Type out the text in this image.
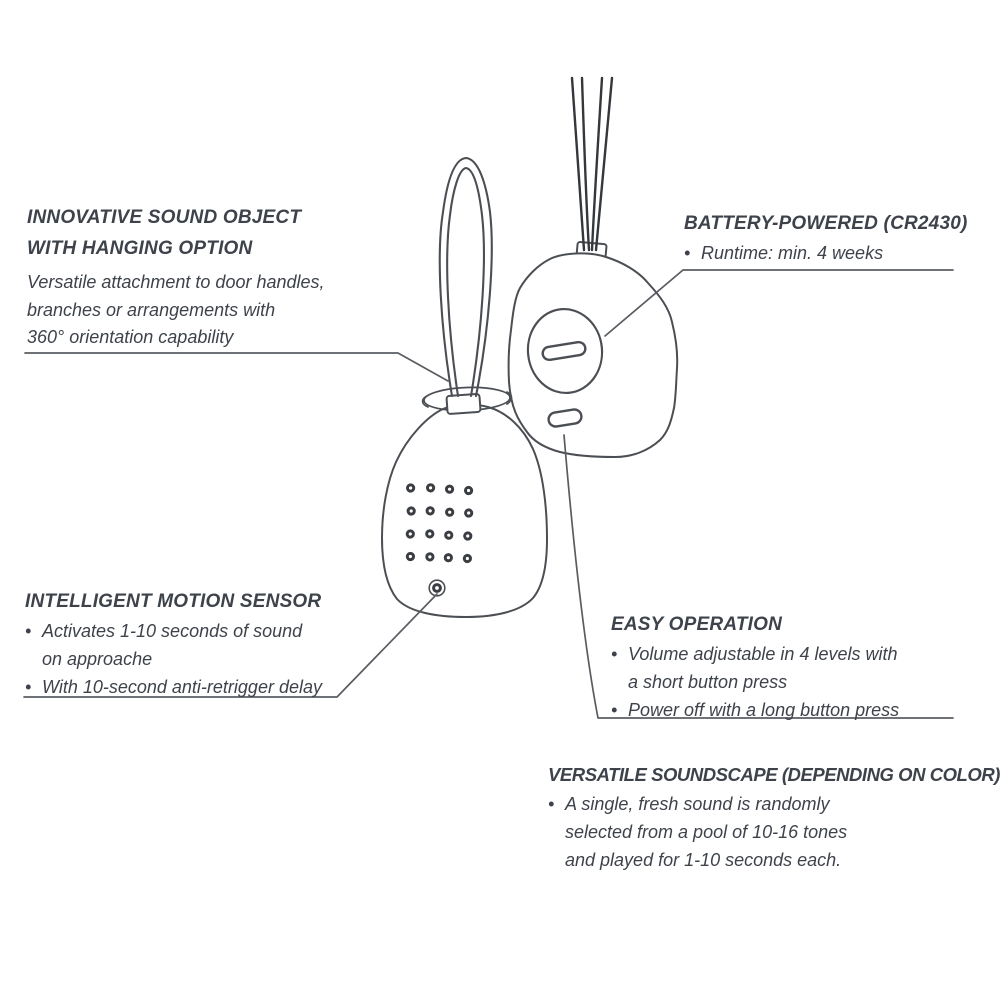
INNOVATIVE SOUND OBJECT
WITH HANGING OPTION
Versatile attachment to door handles,
branches or arrangements with
360° orientation capability
BATTERY-POWERED (CR2430)
• Runtime: min. 4 weeks
INTELLIGENT MOTION SENSOR
• Activates 1-10 seconds of sound
on approache
• With 10-second anti-retrigger delay
EASY OPERATION
• Volume adjustable in 4 levels with
a short button press
• Power off with a long button press
VERSATILE SOUNDSCAPE (DEPENDING ON COLOR)
• A single, fresh sound is randomly
selected from a pool of 10-16 tones
and played for 1-10 seconds each.
